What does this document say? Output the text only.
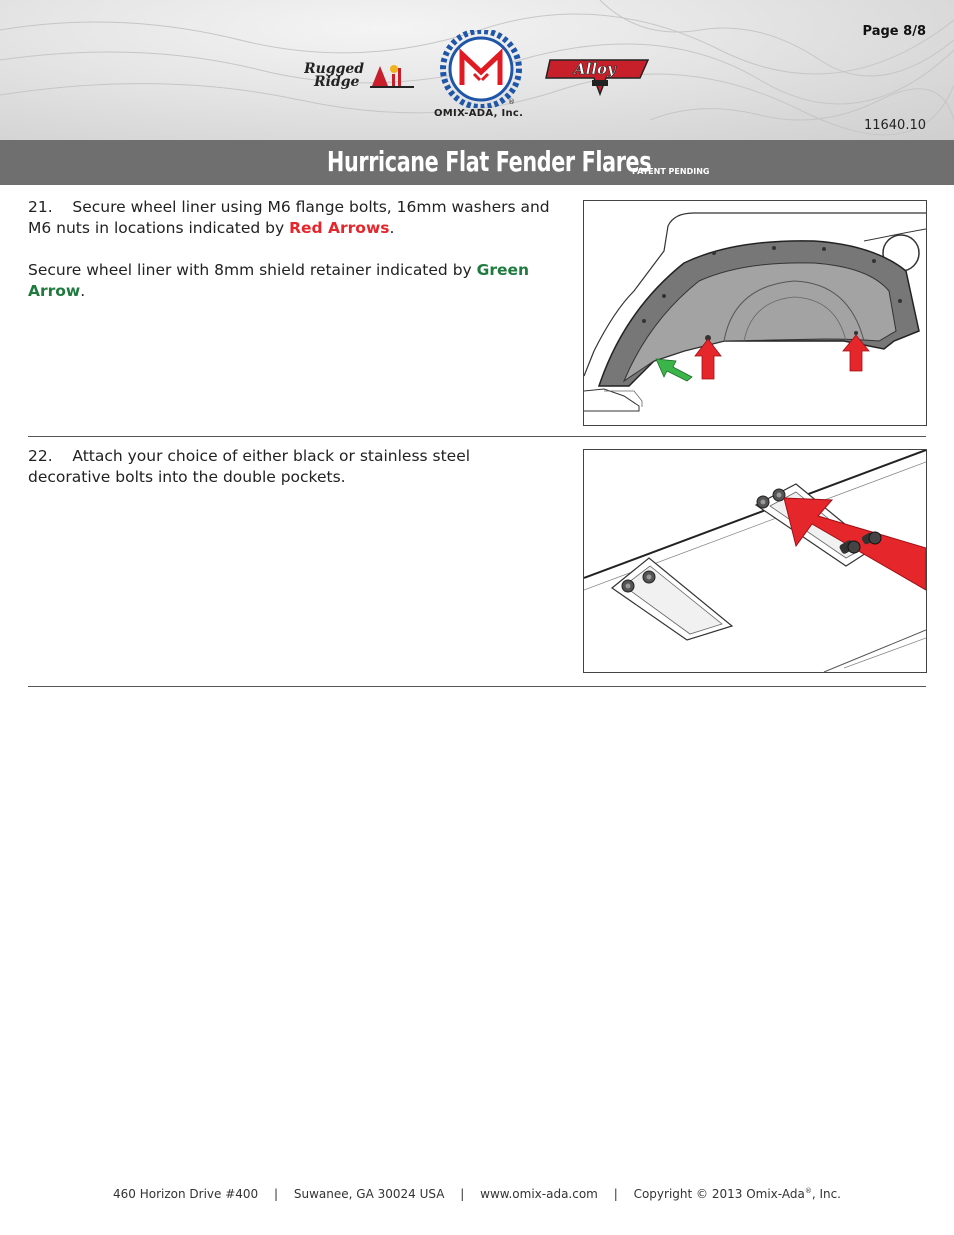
Page 8/8
Rugged
Ridge
®
OMIX-ADA, Inc.
Alloy
11640.10
Hurricane Flat Fender Flares
PATENT PENDING
21. Secure wheel liner using M6 flange bolts, 16mm washers and M6 nuts in locations indicated by Red Arrows.
Secure wheel liner with 8mm shield retainer indicated by Green Arrow.
22. Attach your choice of either black or stainless steel decorative bolts into the double pockets.
460 Horizon Drive #400 | Suwanee, GA 30024 USA | www.omix-ada.com | Copyright © 2013 Omix-Ada®, Inc.
